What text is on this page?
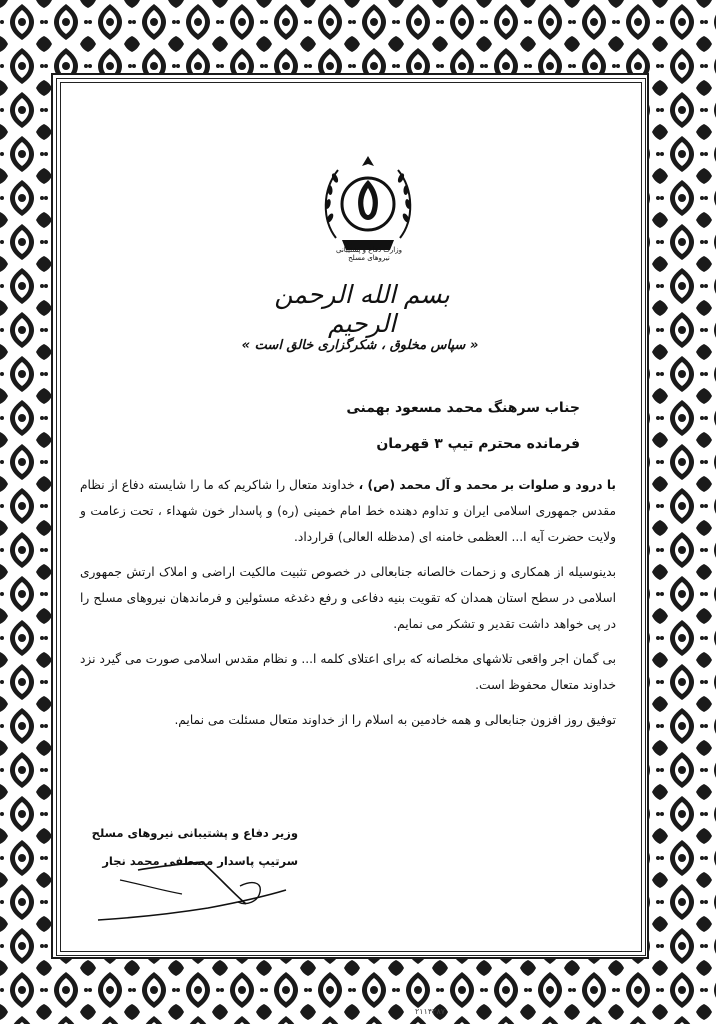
وزارت دفاع و پشتیبانی نیروهای مسلح
بسم الله الرحمن الرحیم
« سپاس مخلوق ، شکرگزاری خالق است »
جناب سرهنگ محمد مسعود بهمنی
فرمانده محترم تیپ ۳ قهرمان

با درود و صلوات بر محمد و آل محمد (ص) ، خداوند متعال را شاکریم که ما را شایسته دفاع از نظام مقدس جمهوری اسلامی ایران و تداوم دهنده خط امام خمینی (ره) و پاسدار خون شهداء ، تحت زعامت و ولایت حضرت آیه ا... العظمی خامنه ای (مدظله العالی) قرارداد.

بدینوسیله از همکاری و زحمات خالصانه جنابعالی در خصوص تثبیت مالکیت اراضی و املاک ارتش جمهوری اسلامی در سطح استان همدان که تقویت بنیه دفاعی و رفع دغدغه مسئولین و فرماندهان نیروهای مسلح را در پی خواهد داشت تقدیر و تشکر می نمایم.

بی گمان اجر واقعی تلاشهای مخلصانه که برای اعتلای کلمه ا... و نظام مقدس اسلامی صورت می گیرد نزد خداوند متعال محفوظ است.

توفیق روز افزون جنابعالی و همه خادمین به اسلام را از خداوند متعال مسئلت می نمایم.

وزیر دفاع و پشتیبانی نیروهای مسلح
سرتیپ پاسدار مصطفی محمد نجار
۲۱۱۴۲۸۷
